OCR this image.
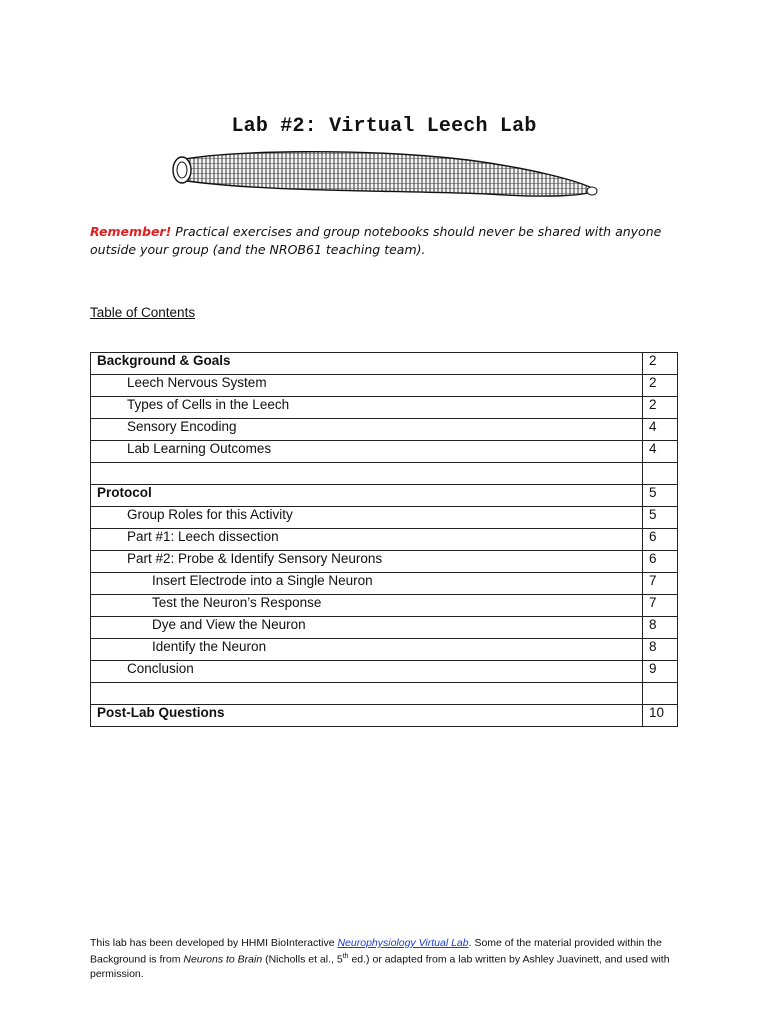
Lab #2: Virtual Leech Lab
Remember! Practical exercises and group notebooks should never be shared with anyone outside your group (and the NROB61 teaching team).
Table of Contents
Background & Goals	2
Leech Nervous System	2
Types of Cells in the Leech	2
Sensory Encoding	4
Lab Learning Outcomes	4

Protocol	5
Group Roles for this Activity	5
Part #1: Leech dissection	6
Part #2: Probe & Identify Sensory Neurons	6
Insert Electrode into a Single Neuron	7
Test the Neuron’s Response	7
Dye and View the Neuron	8
Identify the Neuron	8
Conclusion	9

Post-Lab Questions	10
This lab has been developed by HHMI BioInteractive Neurophysiology Virtual Lab. Some of the material provided within the Background is from Neurons to Brain (Nicholls et al., 5th ed.) or adapted from a lab written by Ashley Juavinett, and used with permission.
